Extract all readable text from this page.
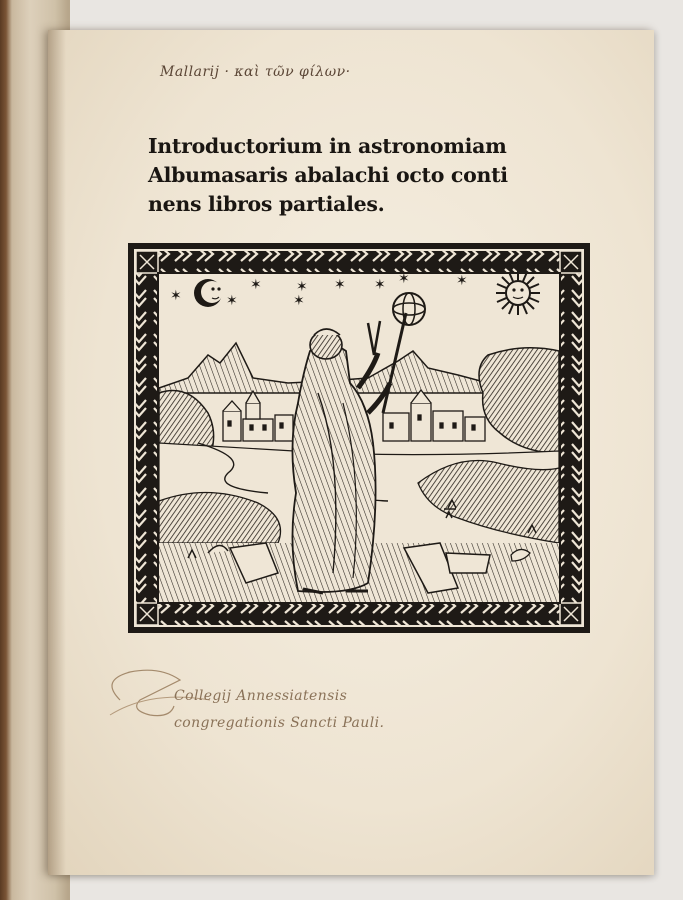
Mallarij · καὶ τῶν φίλων·
Introductorium in astronomiam
Albumasaris abalachi octo conti
nens libros partiales.
✶	✶
✶ ✶ ✶ ✶ ✶	✶
✶
Collegij Annessiatensis
congregationis Sancti Pauli.
